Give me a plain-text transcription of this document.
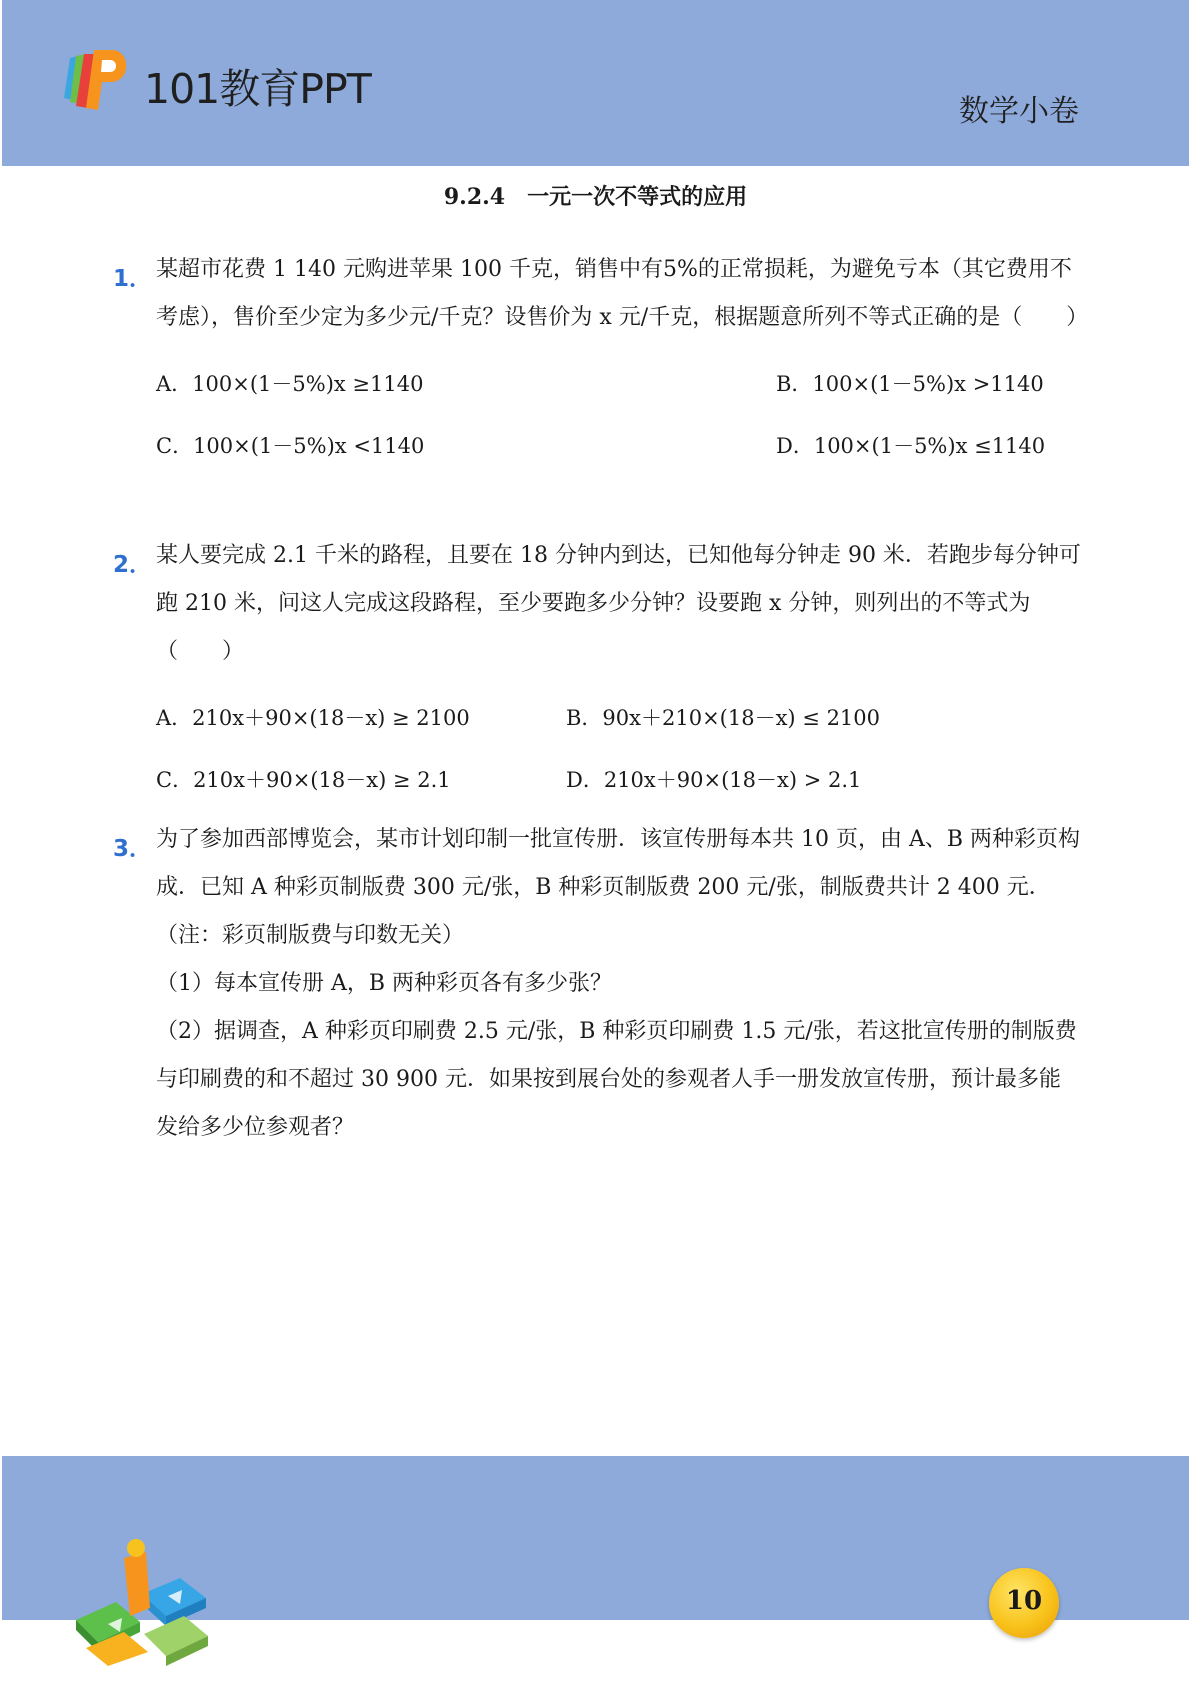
101教育PPT	数学小卷
9.2.4　一元一次不等式的应用
1． 某超市花费 1 140 元购进苹果 100 千克，销售中有5%的正常损耗，为避免亏本（其它费用不考虑），售价至少定为多少元/千克？设售价为 x 元/千克，根据题意所列不等式正确的是（　　）
A．100×(1－5%)x ≥1140	B．100×(1－5%)x >1140
C．100×(1－5%)x <1140	D．100×(1－5%)x ≤1140
2． 某人要完成 2.1 千米的路程，且要在 18 分钟内到达，已知他每分钟走 90 米．若跑步每分钟可跑 210 米，问这人完成这段路程，至少要跑多少分钟？设要跑 x 分钟，则列出的不等式为（　　）
A．210x＋90×(18－x) ≥ 2100	B．90x＋210×(18－x) ≤ 2100
C．210x＋90×(18－x) ≥ 2.1	D．210x＋90×(18－x) > 2.1
3． 为了参加西部博览会，某市计划印制一批宣传册．该宣传册每本共 10 页，由 A、B 两种彩页构成．已知 A 种彩页制版费 300 元/张，B 种彩页制版费 200 元/张，制版费共计 2 400 元．（注：彩页制版费与印数无关）
（1）每本宣传册 A，B 两种彩页各有多少张？
（2）据调查，A 种彩页印刷费 2.5 元/张，B 种彩页印刷费 1.5 元/张，若这批宣传册的制版费与印刷费的和不超过 30 900 元．如果按到展台处的参观者人手一册发放宣传册，预计最多能发给多少位参观者？
10
